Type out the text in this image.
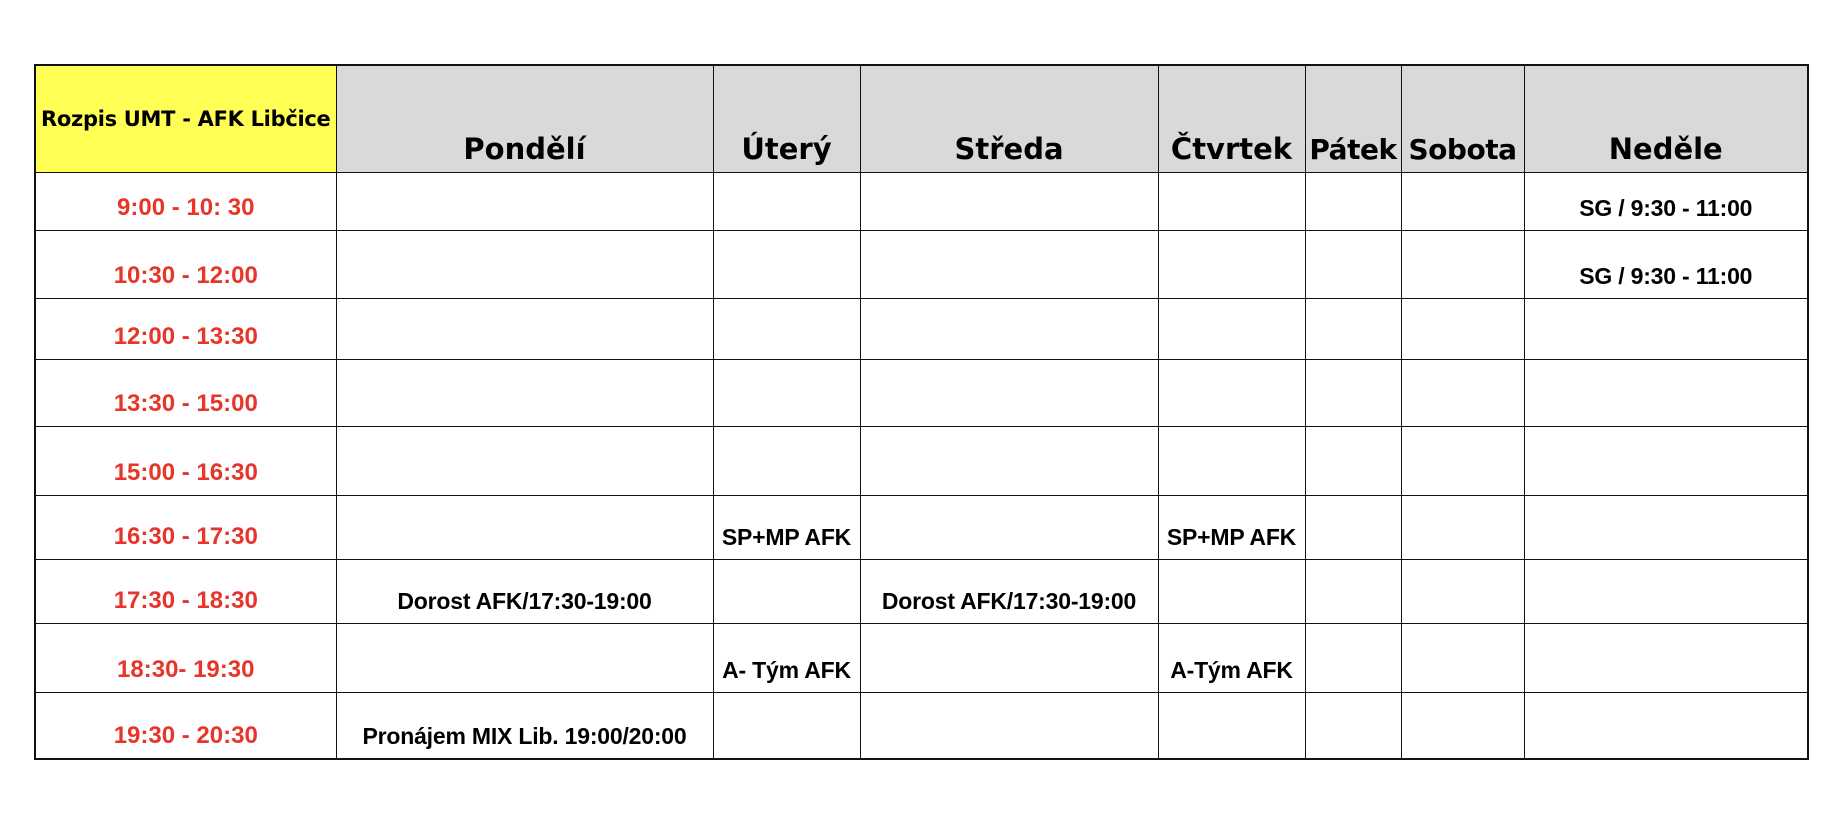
Rozpis UMT - AFK Libčice	Pondělí	Úterý	Středa	Čtvrtek	Pátek	Sobota	Neděle
9:00 - 10: 30							SG / 9:30 - 11:00
10:30 - 12:00							SG / 9:30 - 11:00
12:00 - 13:30							
13:30 - 15:00							
15:00 - 16:30							
16:30 - 17:30		SP+MP AFK		SP+MP AFK			
17:30 - 18:30	Dorost AFK/17:30-19:00		Dorost AFK/17:30-19:00				
18:30- 19:30		A- Tým AFK		A-Tým AFK			
19:30 - 20:30	Pronájem MIX Lib. 19:00/20:00						
